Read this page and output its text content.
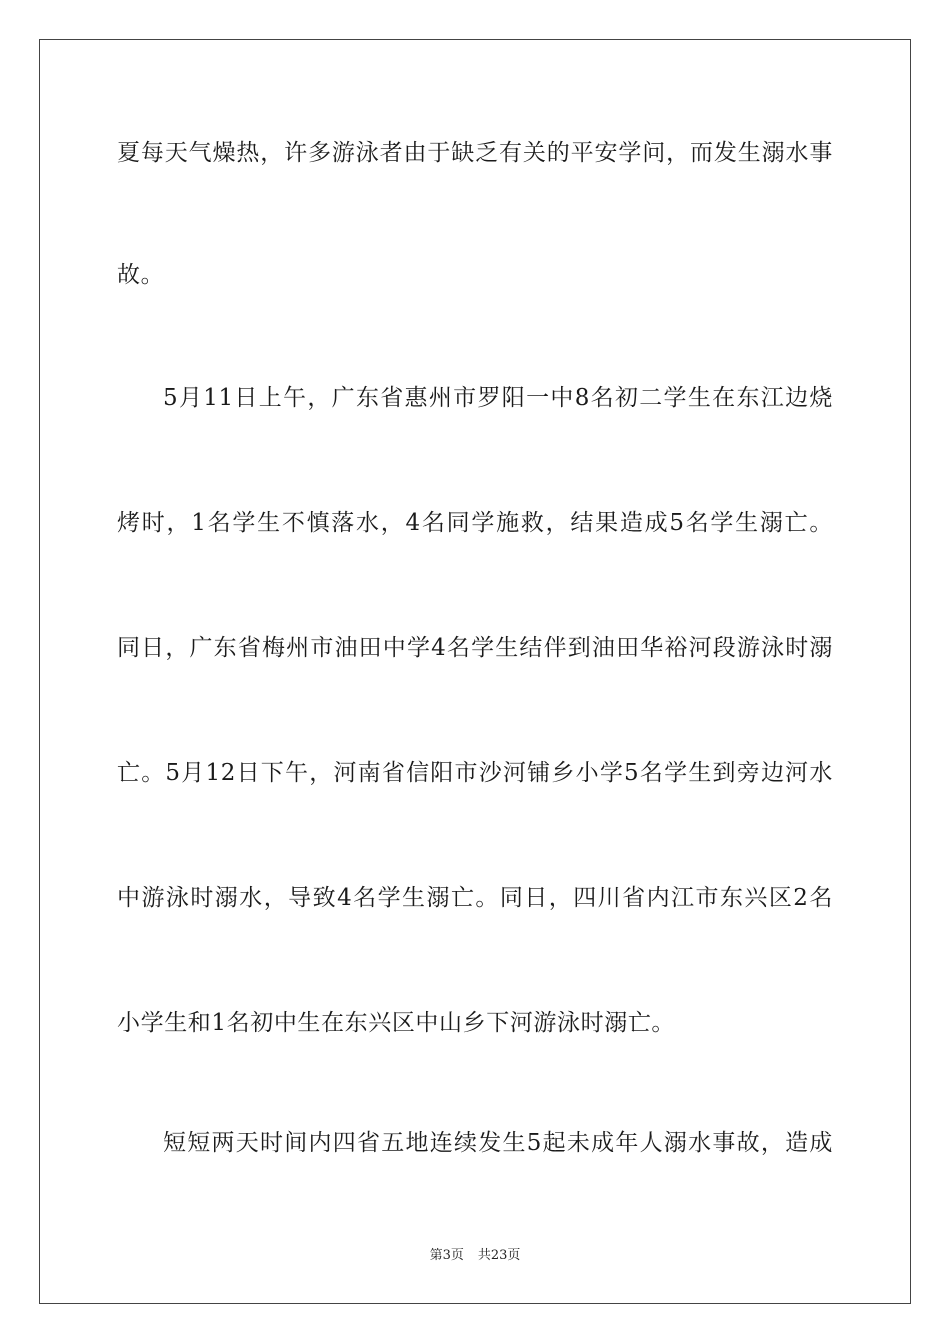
夏每天气燥热，许多游泳者由于缺乏有关的平安学问，而发生溺水事
故。
5月11日上午，广东省惠州市罗阳一中8名初二学生在东江边烧
烤时，1名学生不慎落水，4名同学施救，结果造成5名学生溺亡。
同日，广东省梅州市油田中学4名学生结伴到油田华裕河段游泳时溺
亡。5月12日下午，河南省信阳市沙河铺乡小学5名学生到旁边河水
中游泳时溺水，导致4名学生溺亡。同日，四川省内江市东兴区2名
小学生和1名初中生在东兴区中山乡下河游泳时溺亡。
短短两天时间内四省五地连续发生5起未成年人溺水事故，造成
第3页 共23页
